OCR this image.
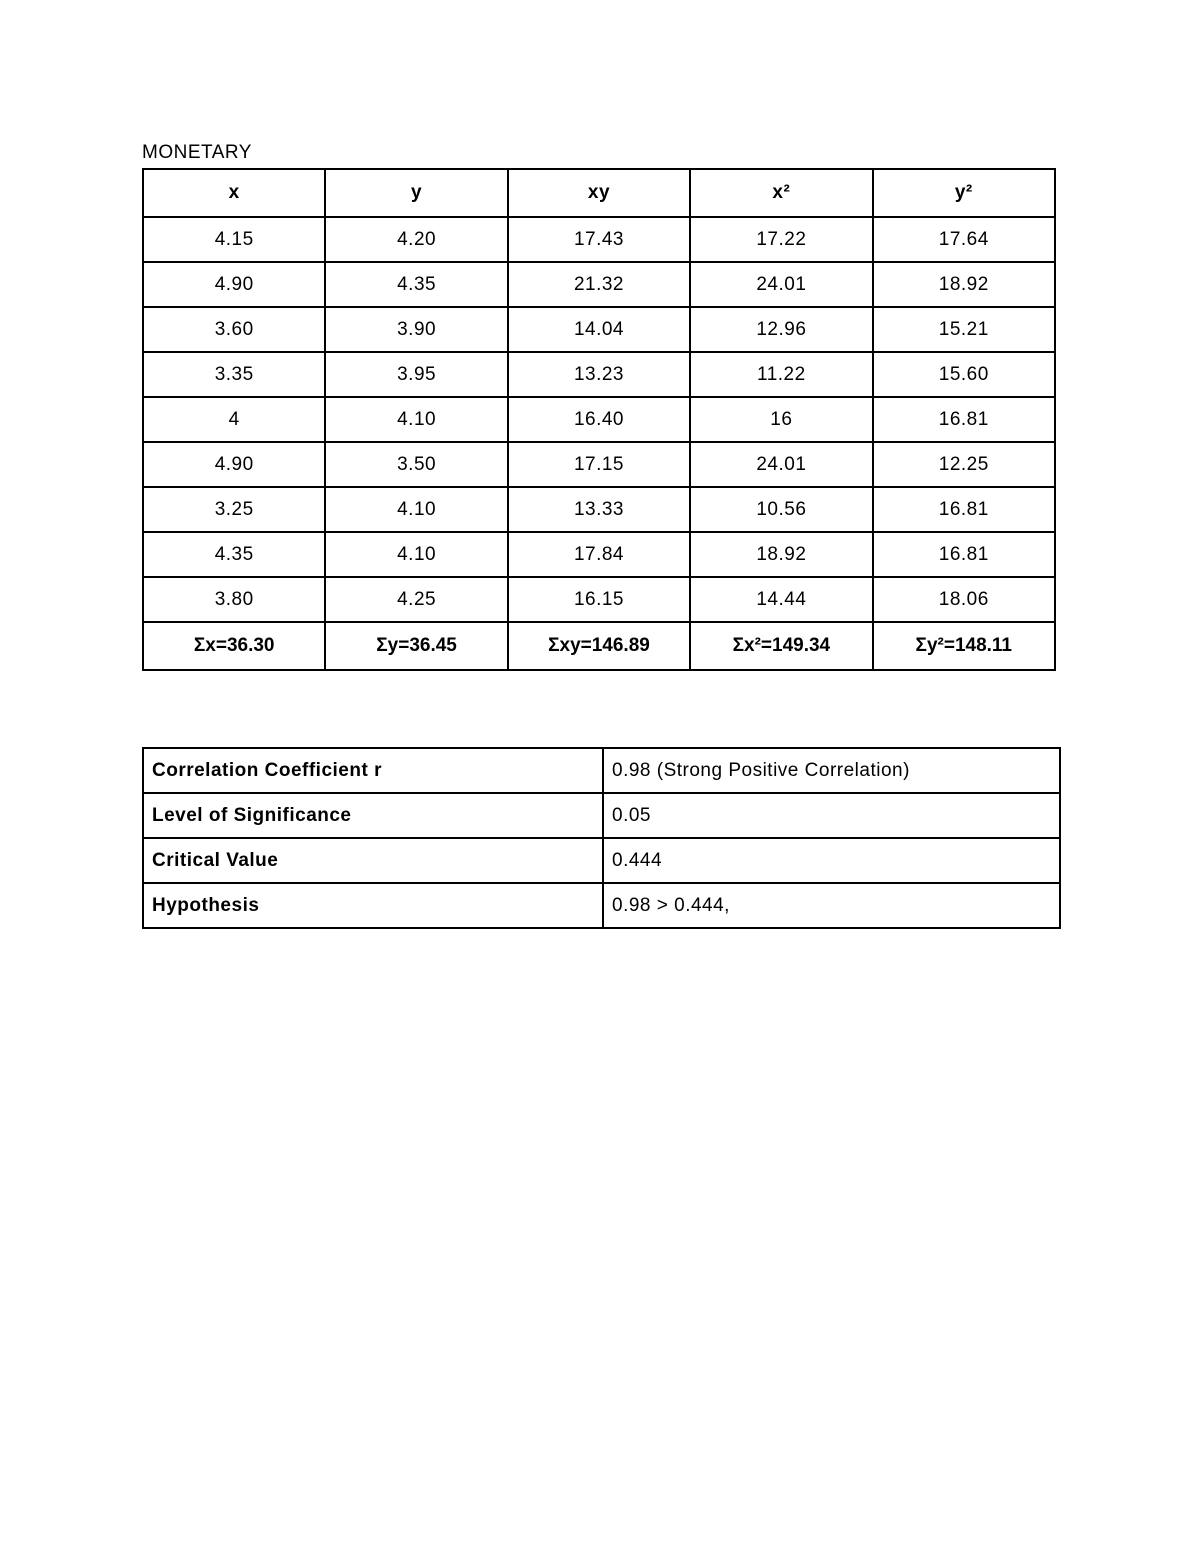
MONETARY
x	y	xy	x²	y²
4.15	4.20	17.43	17.22	17.64
4.90	4.35	21.32	24.01	18.92
3.60	3.90	14.04	12.96	15.21
3.35	3.95	13.23	11.22	15.60
4	4.10	16.40	16	16.81
4.90	3.50	17.15	24.01	12.25
3.25	4.10	13.33	10.56	16.81
4.35	4.10	17.84	18.92	16.81
3.80	4.25	16.15	14.44	18.06
Σx=36.30	Σy=36.45	Σxy=146.89	Σx²=149.34	Σy²=148.11
Correlation Coefficient r	0.98 (Strong Positive Correlation)
Level of Significance	0.05
Critical Value	0.444
Hypothesis	0.98 > 0.444,
